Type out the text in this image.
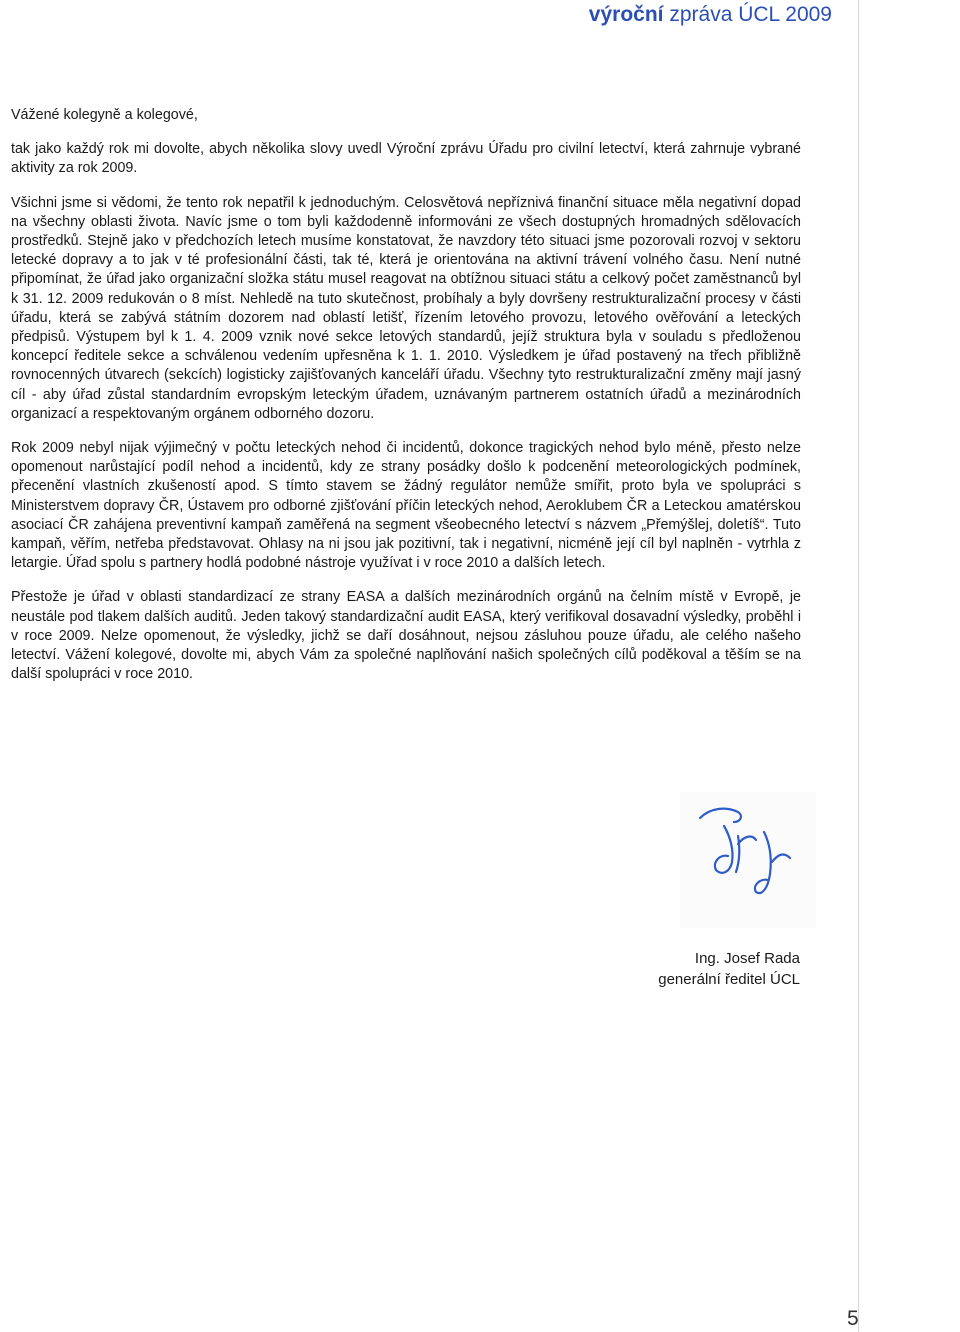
výroční zpráva ÚCL 2009

Vážené kolegyně a kolegové,

tak jako každý rok mi dovolte, abych několika slovy uvedl Výroční zprávu Úřadu pro civilní letectví, která zahrnuje vybrané aktivity za rok 2009.

Všichni jsme si vědomi, že tento rok nepatřil k jednoduchým. Celosvětová nepříznivá finanční situace měla negativní dopad na všechny oblasti života. Navíc jsme o tom byli každodenně informováni ze všech dostupných hromadných sdělovacích prostředků. Stejně jako v předchozích letech musíme konstatovat, že navzdory této situaci jsme pozorovali rozvoj v sektoru letecké dopravy a to jak v té profesionální části, tak té, která je orientována na aktivní trávení volného času. Není nutné připomínat, že úřad jako organizační složka státu musel reagovat na obtížnou situaci státu a celkový počet zaměstnanců byl k 31. 12. 2009 redukován o 8 míst. Nehledě na tuto skutečnost, probíhaly a byly dovršeny restrukturalizační procesy v části úřadu, která se zabývá státním dozorem nad oblastí letišť, řízením letového provozu, letového ověřování a leteckých předpisů. Výstupem byl k 1. 4. 2009 vznik nové sekce letových standardů, jejíž struktura byla v souladu s předloženou koncepcí ředitele sekce a schválenou vedením upřesněna k 1. 1. 2010. Výsledkem je úřad postavený na třech přibližně rovnocenných útvarech (sekcích) logisticky zajišťovaných kanceláří úřadu. Všechny tyto restrukturalizační změny mají jasný cíl - aby úřad zůstal standardním evropským leteckým úřadem, uznávaným partnerem ostatních úřadů a mezinárodních organizací a respektovaným orgánem odborného dozoru.

Rok 2009 nebyl nijak výjimečný v počtu leteckých nehod či incidentů, dokonce tragických nehod bylo méně, přesto nelze opomenout narůstající podíl nehod a incidentů, kdy ze strany posádky došlo k podcenění meteorologických podmínek, přecenění vlastních zkušeností apod. S tímto stavem se žádný regulátor nemůže smířit, proto byla ve spolupráci s Ministerstvem dopravy ČR, Ústavem pro odborné zjišťování příčin leteckých nehod, Aeroklubem ČR a Leteckou amatérskou asociací ČR zahájena preventivní kampaň zaměřená na segment všeobecného letectví s názvem „Přemýšlej, doletíš“. Tuto kampaň, věřím, netřeba představovat. Ohlasy na ni jsou jak pozitivní, tak i negativní, nicméně její cíl byl naplněn - vytrhla z letargie. Úřad spolu s partnery hodlá podobné nástroje využívat i v roce 2010 a dalších letech.

Přestože je úřad v oblasti standardizací ze strany EASA a dalších mezinárodních orgánů na čelním místě v Evropě, je neustále pod tlakem dalších auditů. Jeden takový standardizační audit EASA, který verifikoval dosavadní výsledky, proběhl i v roce 2009. Nelze opomenout, že výsledky, jichž se daří dosáhnout, nejsou zásluhou pouze úřadu, ale celého našeho letectví. Vážení kolegové, dovolte mi, abych Vám za společné naplňování našich společných cílů poděkoval a těším se na další spolupráci v roce 2010.

Ing. Josef Rada
generální ředitel ÚCL
5
